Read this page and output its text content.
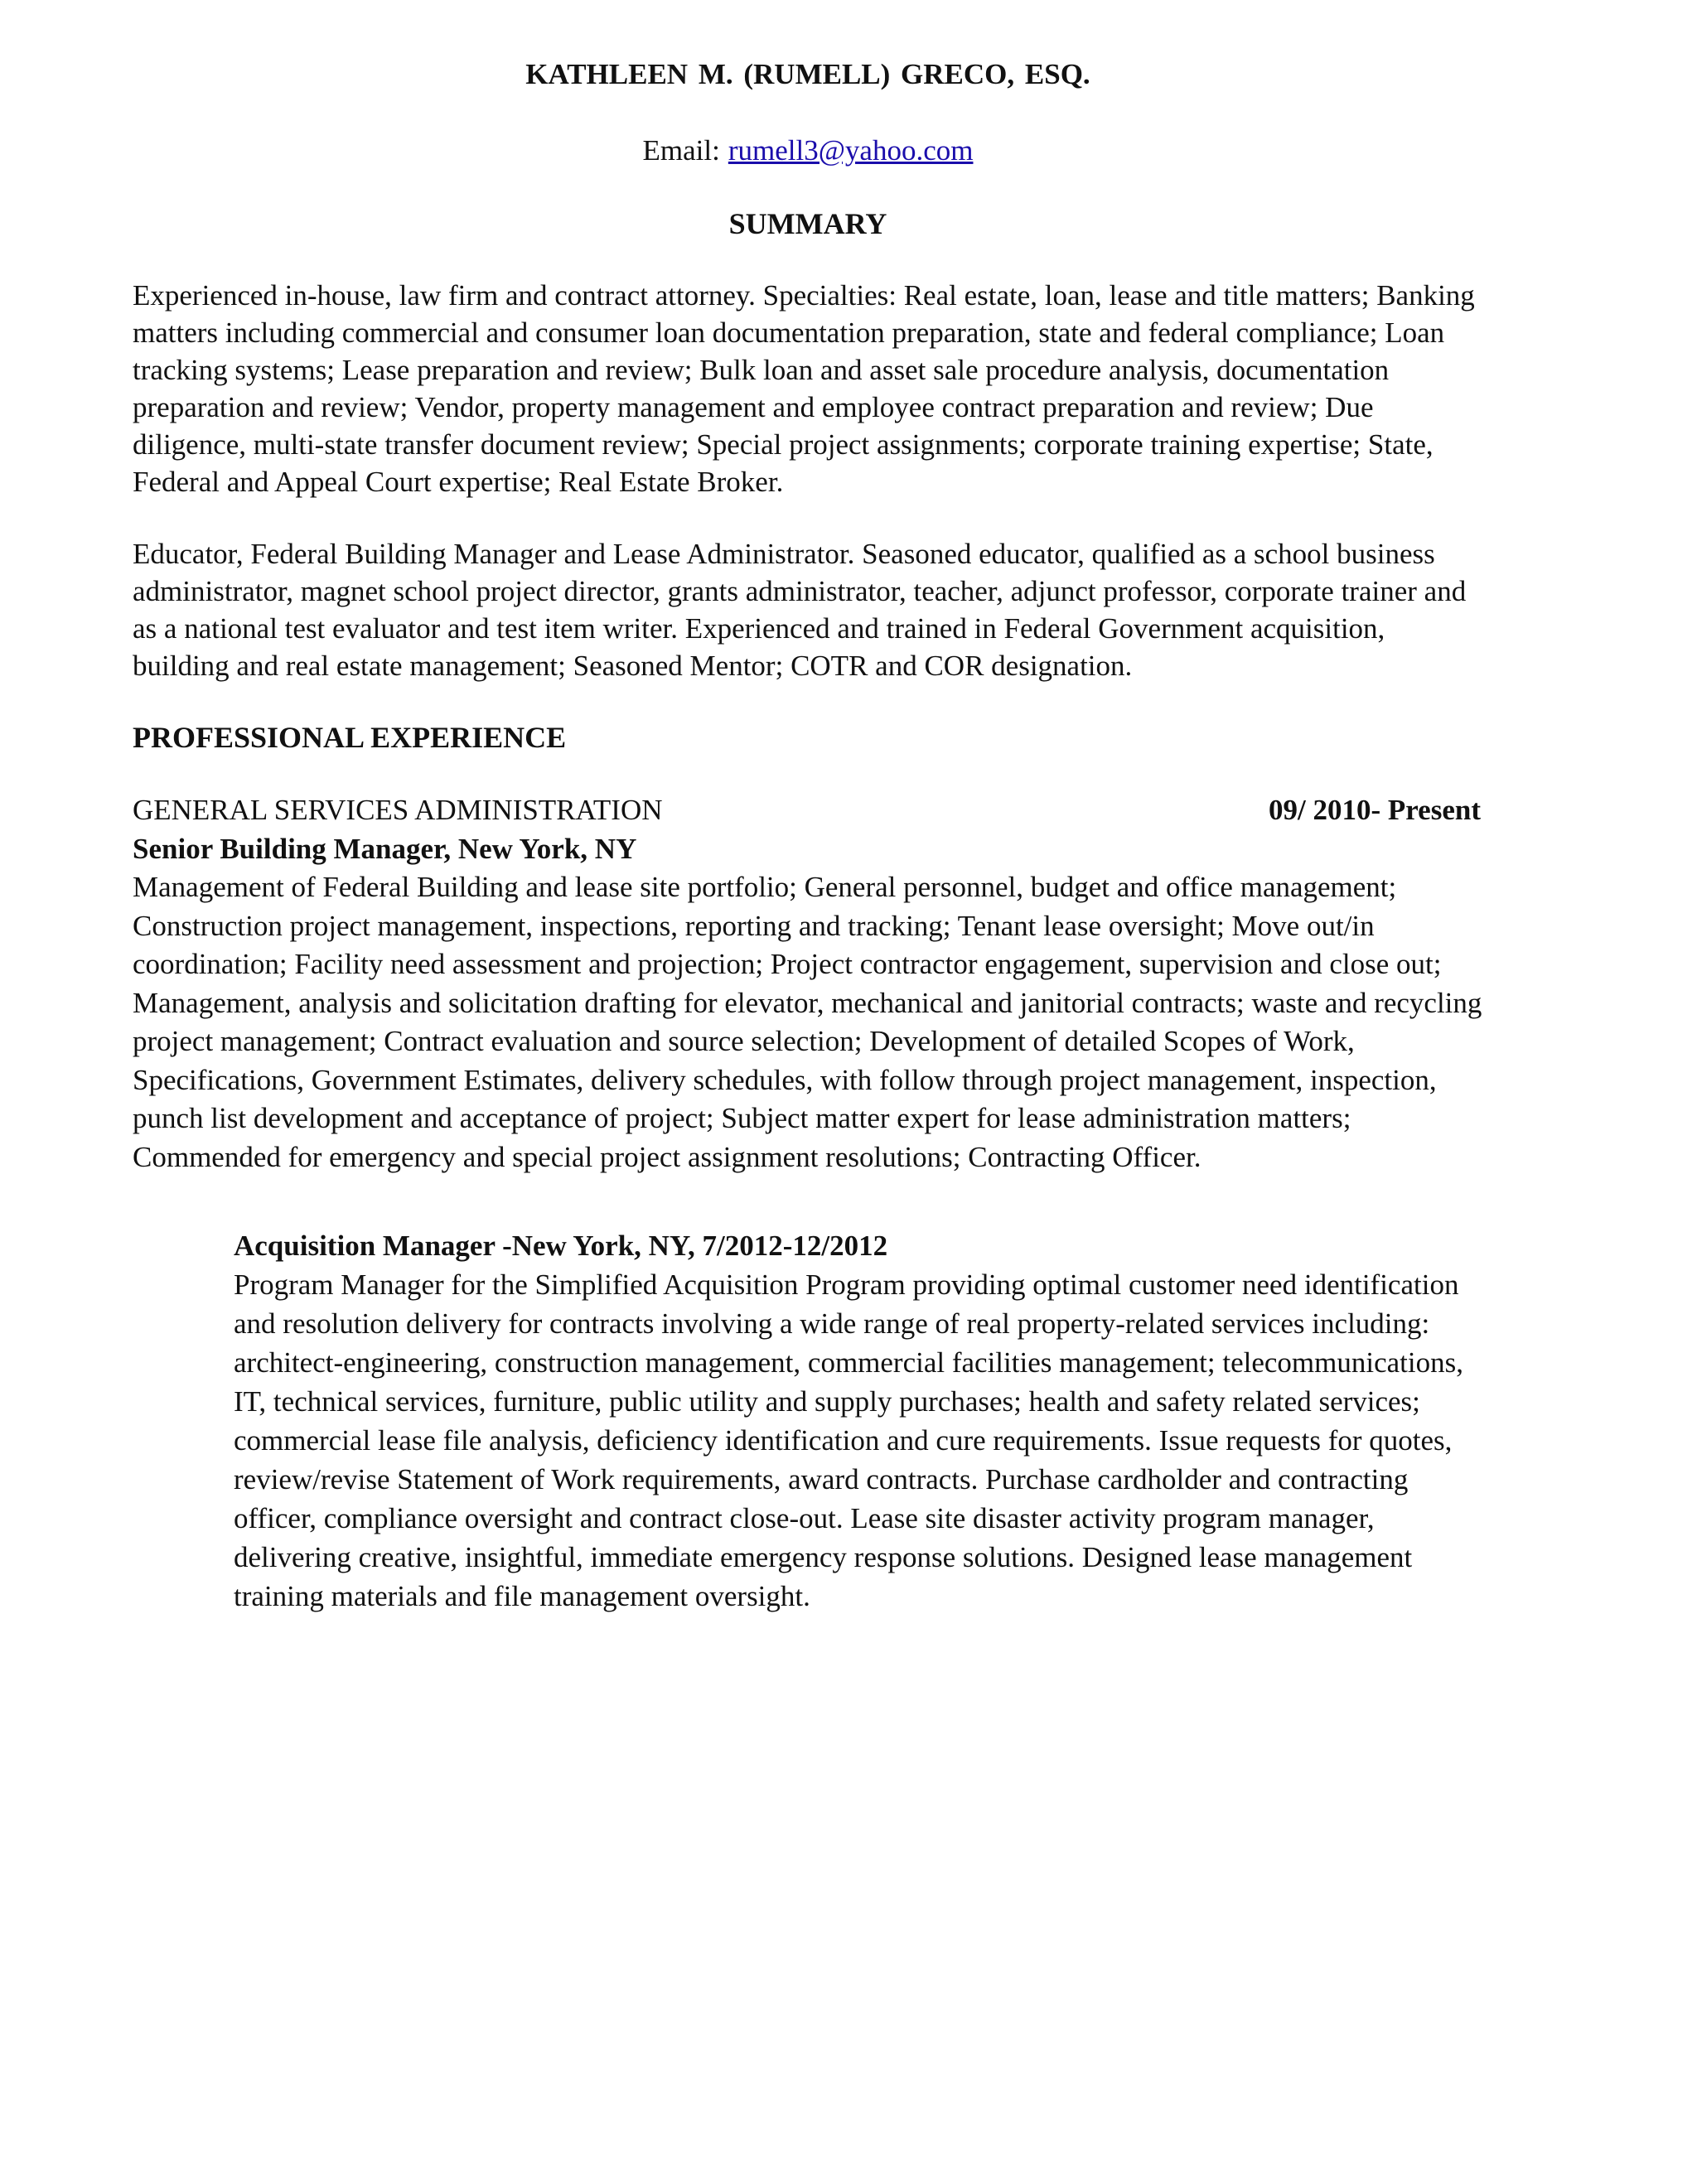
KATHLEEN M. (RUMELL) GRECO, ESQ.
Email: rumell3@yahoo.com
SUMMARY

Experienced in-house, law firm and contract attorney. Specialties: Real estate, loan, lease and title matters; Banking matters including commercial and consumer loan documentation preparation, state and federal compliance; Loan tracking systems; Lease preparation and review; Bulk loan and asset sale procedure analysis, documentation preparation and review; Vendor, property management and employee contract preparation and review; Due diligence, multi-state transfer document review; Special project assignments; corporate training expertise; State, Federal and Appeal Court expertise; Real Estate Broker.

Educator, Federal Building Manager and Lease Administrator. Seasoned educator, qualified as a school business administrator, magnet school project director, grants administrator, teacher, adjunct professor, corporate trainer and as a national test evaluator and test item writer. Experienced and trained in Federal Government acquisition, building and real estate management; Seasoned Mentor; COTR and COR designation.

PROFESSIONAL EXPERIENCE
GENERAL SERVICES ADMINISTRATION	09/ 2010- Present
Senior Building Manager, New York, NY

Management of Federal Building and lease site portfolio; General personnel, budget and office management; Construction project management, inspections, reporting and tracking; Tenant lease oversight; Move out/in coordination; Facility need assessment and projection; Project contractor engagement, supervision and close out; Management, analysis and solicitation drafting for elevator, mechanical and janitorial contracts; waste and recycling project management; Contract evaluation and source selection; Development of detailed Scopes of Work, Specifications, Government Estimates, delivery schedules, with follow through project management, inspection, punch list development and acceptance of project; Subject matter expert for lease administration matters; Commended for emergency and special project assignment resolutions; Contracting Officer.

Acquisition Manager -New York, NY, 7/2012-12/2012

Program Manager for the Simplified Acquisition Program providing optimal customer need identification and resolution delivery for contracts involving a wide range of real property-related services including: architect-engineering, construction management, commercial facilities management; telecommunications, IT, technical services, furniture, public utility and supply purchases; health and safety related services; commercial lease file analysis, deficiency identification and cure requirements. Issue requests for quotes, review/revise Statement of Work requirements, award contracts. Purchase cardholder and contracting officer, compliance oversight and contract close-out. Lease site disaster activity program manager, delivering creative, insightful, immediate emergency response solutions. Designed lease management training materials and file management oversight.
